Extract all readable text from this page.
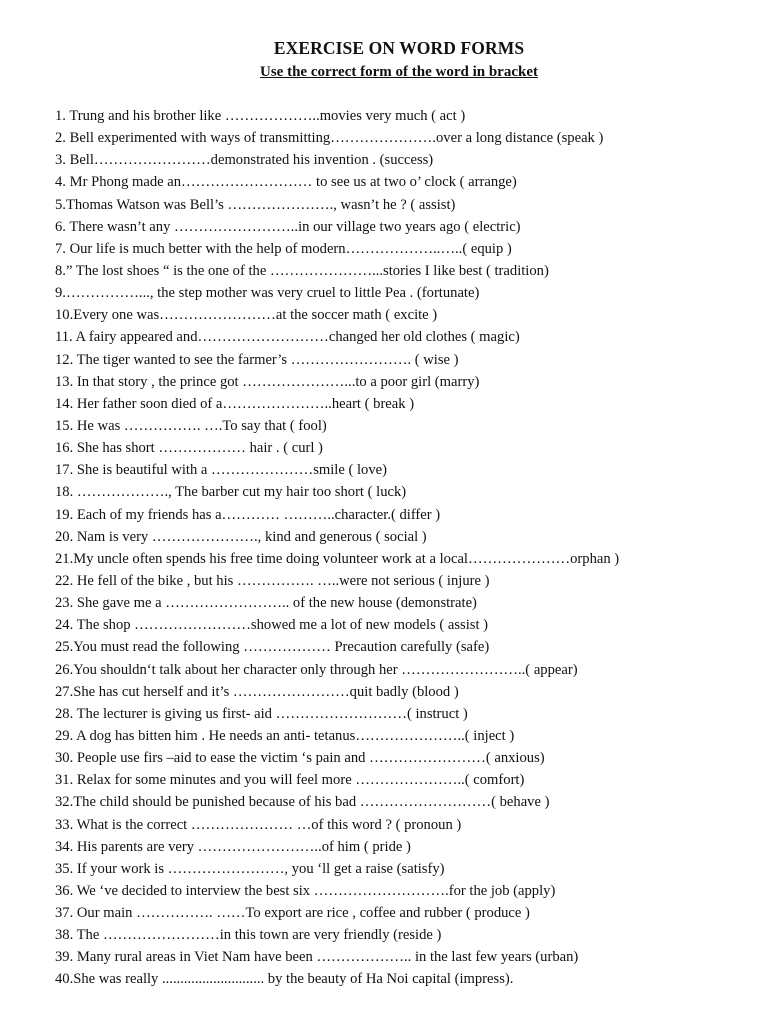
EXERCISE ON WORD FORMS
Use the correct form of the word in bracket
1. Trung and his brother like ………………..movies very much ( act )
2. Bell experimented with ways of transmitting………………….over a long distance (speak )
3. Bell……………………demonstrated his invention . (success)
4. Mr Phong made an……………………… to see us at two o’ clock ( arrange)
5.Thomas Watson was Bell’s …………………., wasn’t he ? ( assist)
6. There wasn’t any ……………………..in our village two years ago ( electric)
7. Our life is much better with the help of modern………………..…..( equip )
8.” The lost shoes “ is the one of the …………………...stories I like best ( tradition)
9.……………..., the step mother was very cruel to little Pea . (fortunate)
10.Every one was……………………at the soccer math ( excite )
11. A fairy appeared and………………………changed her old clothes ( magic)
12. The tiger wanted to see the farmer’s ……………………. ( wise )
13. In that story , the prince got …………………...to a poor girl (marry)
14. Her father soon died of a…………………..heart ( break )
15. He was ……………. ….To say that ( fool)
16. She has short ……………… hair . ( curl )
17. She is beautiful with a …………………smile ( love)
18. ………………., The barber cut my hair too short ( luck)
19. Each of my friends has a………… ………..character.( differ )
20. Nam is very …………………., kind and generous ( social )
21.My uncle often spends his free time doing volunteer work at a local…………………orphan )
22. He fell of the bike , but his ……………. …..were not serious ( injure )
23. She gave me a …………………….. of the new house (demonstrate)
24. The shop ……………………showed me a lot of new models ( assist )
25.You must read the following ……………… Precaution carefully (safe)
26.You shouldn‘t talk about her character only through her ……………………..( appear)
27.She has cut herself and it’s ……………………quit badly (blood )
28. The lecturer is giving us first- aid ………………………( instruct )
29. A dog has bitten him . He needs an anti- tetanus…………………..( inject )
30. People use firs –aid to ease the victim ‘s pain and ……………………( anxious)
31. Relax for some minutes and you will feel more …………………..( comfort)
32.The child should be punished because of his bad ………………………( behave )
33. What is the correct ………………… …of this word ? ( pronoun )
34. His parents are very ……………………..of him ( pride )
35. If your work is ……………………, you ‘ll get a raise (satisfy)
36. We ‘ve decided to interview the best six ……………………….for the job (apply)
37. Our main ……………. ……To export are rice , coffee and rubber ( produce )
38. The ……………………in this town are very friendly (reside )
39. Many rural areas in Viet Nam have been ……………….. in the last few years (urban)
40.She was really ............................ by the beauty of Ha Noi capital (impress).
